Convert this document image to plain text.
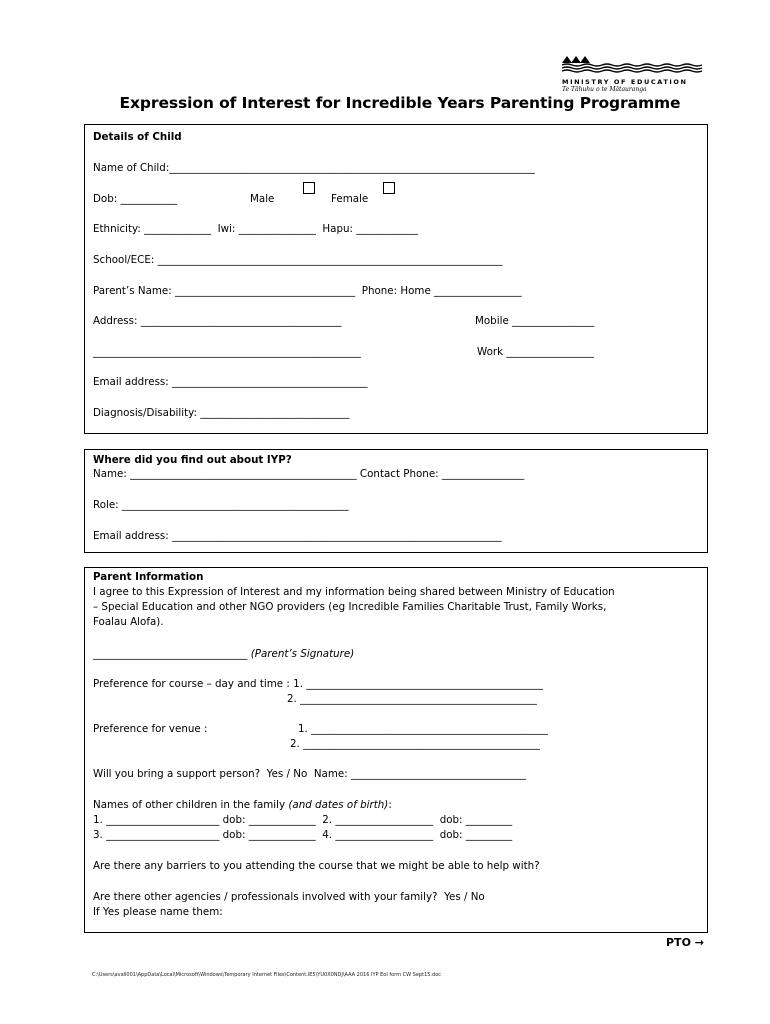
MINISTRY OF EDUCATION
Te Tāhuhu o te Mātauranga
Expression of Interest for Incredible Years Parenting Programme
Details of Child
Name of Child:_______________________________________________________________________
Dob: ___________	Male	Female
Ethnicity: _____________  Iwi: _______________  Hapu: ____________
School/ECE: ___________________________________________________________________
Parent’s Name: ___________________________________  Phone: Home _________________
Address: _______________________________________	Mobile ________________
____________________________________________________	Work _________________
Email address: ______________________________________
Diagnosis/Disability: _____________________________
Where did you find out about IYP?
Name: ____________________________________________ Contact Phone: ________________
Role: ____________________________________________
Email address: ________________________________________________________________
Parent Information
I agree to this Expression of Interest and my information being shared between Ministry of Education
– Special Education and other NGO providers (eg Incredible Families Charitable Trust, Family Works,
Foalau Alofa).
______________________________ (Parent’s Signature)
Preference for course – day and time : 1. ______________________________________________
2. ______________________________________________
Preference for venue :	1. ______________________________________________
2. ______________________________________________
Will you bring a support person?  Yes / No  Name: __________________________________
Names of other children in the family (and dates of birth):
1. ______________________ dob: _____________  2. ___________________  dob: _________
3. ______________________ dob: _____________  4. ___________________  dob: _________
Are there any barriers to you attending the course that we might be able to help with?
Are there other agencies / professionals involved with your family?  Yes / No
If Yes please name them:
PTO →
C:\Users\avall001\AppData\Local\Microsoft\Windows\Temporary Internet Files\Content.IE5\YU0X0NDJ\AAA 2016 IYP EoI form CW Sept15.doc
